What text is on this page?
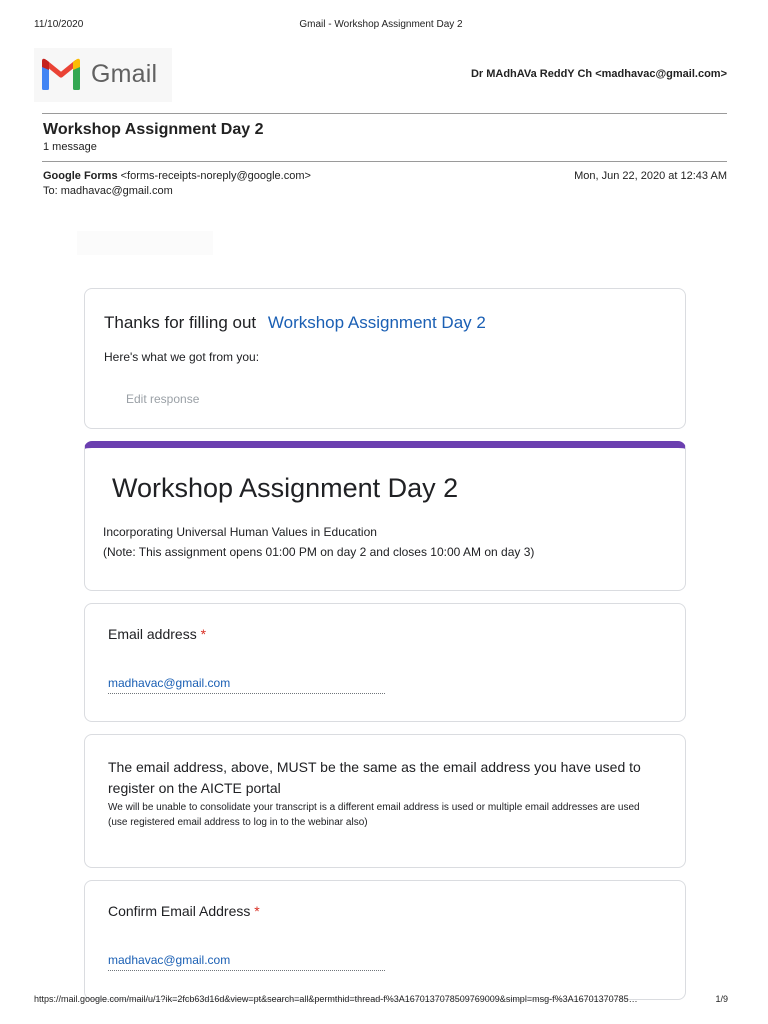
11/10/2020	Gmail - Workshop Assignment Day 2
Gmail	Dr MAdhAVa ReddY Ch <madhavac@gmail.com>
Workshop Assignment Day 2
1 message
Google Forms <forms-receipts-noreply@google.com>
To: madhavac@gmail.com
Mon, Jun 22, 2020 at 12:43 AM
Thanks for filling out Workshop Assignment Day 2
Here's what we got from you:
Edit response
Workshop Assignment Day 2
Incorporating Universal Human Values in Education
(Note: This assignment opens 01:00 PM on day 2 and closes 10:00 AM on day 3)
Email address *
madhavac@gmail.com
The email address, above, MUST be the same as the email address you have used to register on the AICTE portal
We will be unable to consolidate your transcript is a different email address is used or multiple email addresses are used
(use registered email address to log in to the webinar also)
Confirm Email Address *
madhavac@gmail.com
https://mail.google.com/mail/u/1?ik=2fcb63d16d&view=pt&search=all&permthid=thread-f%3A1670137078509769009&simpl=msg-f%3A16701370785…	1/9
